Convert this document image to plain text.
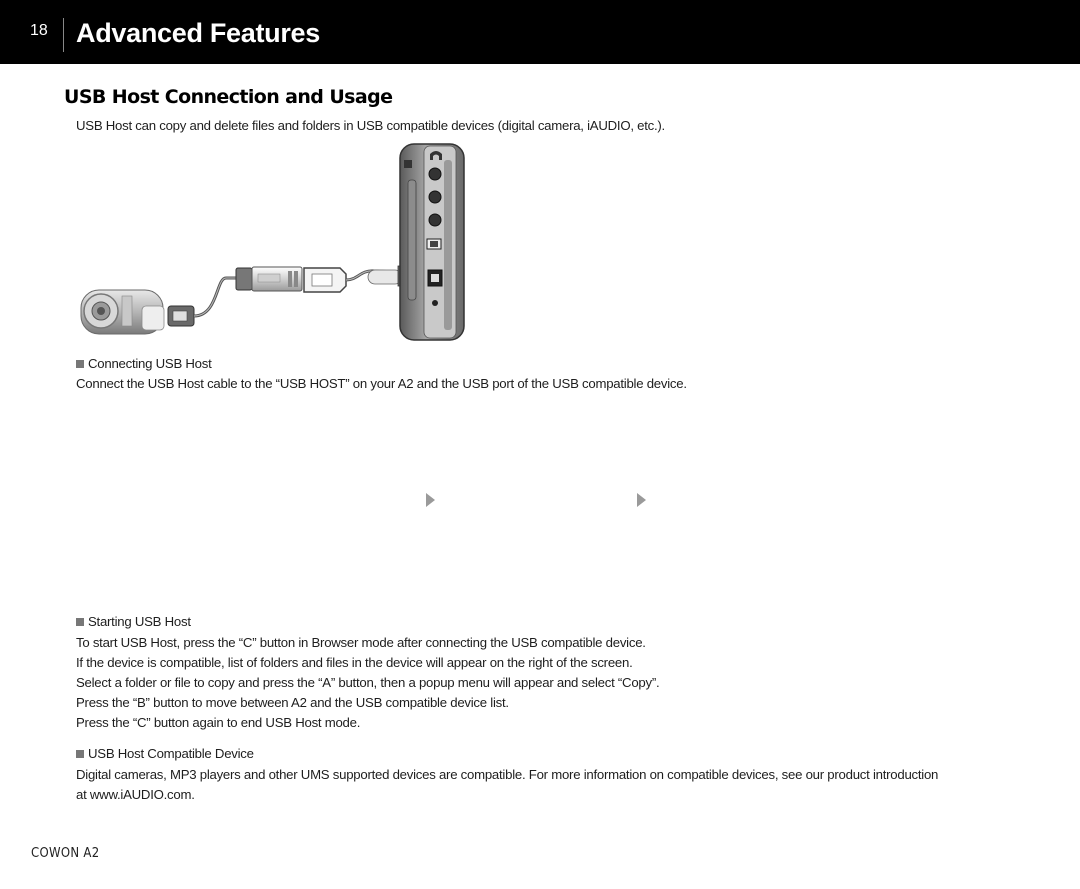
18 Advanced Features
USB Host Connection and Usage
USB Host can copy and delete files and folders in USB compatible devices (digital camera, iAUDIO, etc.).
Connecting USB Host
Connect the USB Host cable to the “USB HOST” on your A2 and the USB port of the USB compatible device.
Starting USB Host
To start USB Host, press the “C” button in Browser mode after connecting the USB compatible device.
If the device is compatible, list of folders and files in the device will appear on the right of the screen.
Select a folder or file to copy and press the “A” button, then a popup menu will appear and select “Copy”.
Press the “B” button to move between A2 and the USB compatible device list.
Press the “C” button again to end USB Host mode.
USB Host Compatible Device
Digital cameras, MP3 players and other UMS supported devices are compatible. For more information on compatible devices, see our product introduction
at www.iAUDIO.com.
COWON A2
